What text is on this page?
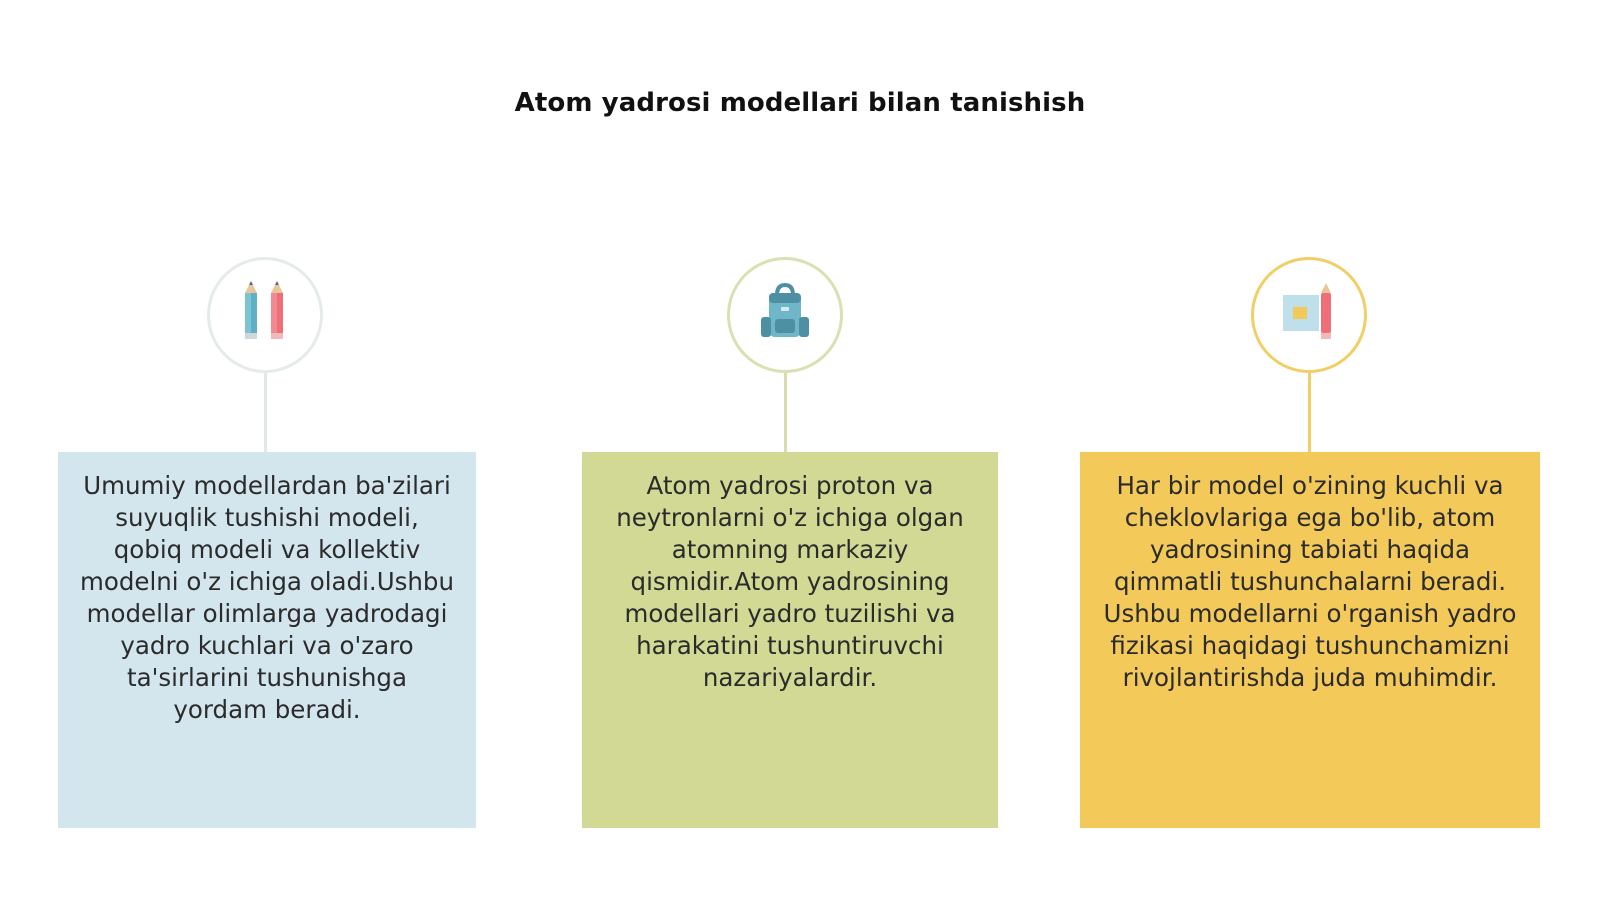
Atom yadrosi modellari bilan tanishish
Umumiy modellardan ba'zilari suyuqlik tushishi modeli, qobiq modeli va kollektiv modelni o'z ichiga oladi.Ushbu modellar olimlarga yadrodagi yadro kuchlari va o'zaro ta'sirlarini tushunishga yordam beradi.
Atom yadrosi proton va neytronlarni o'z ichiga olgan atomning markaziy qismidir.Atom yadrosining modellari yadro tuzilishi va harakatini tushuntiruvchi nazariyalardir.
Har bir model o'zining kuchli va cheklovlariga ega bo'lib, atom yadrosining tabiati haqida qimmatli tushunchalarni beradi. Ushbu modellarni o'rganish yadro fizikasi haqidagi tushunchamizni rivojlantirishda juda muhimdir.
